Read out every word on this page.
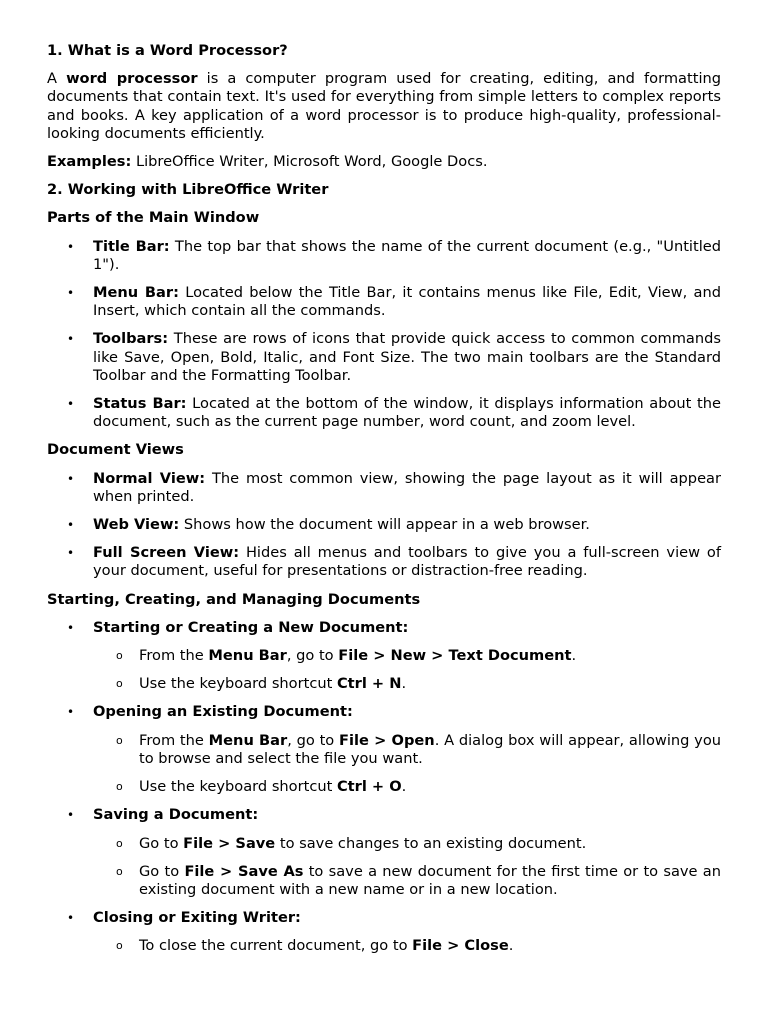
1. What is a Word Processor?

A word processor is a computer program used for creating, editing, and formatting documents that contain text. It's used for everything from simple letters to complex reports and books. A key application of a word processor is to produce high-quality, professional-looking documents efficiently.

Examples: LibreOffice Writer, Microsoft Word, Google Docs.

2. Working with LibreOffice Writer
Parts of the Main Window
• Title Bar: The top bar that shows the name of the current document (e.g., "Untitled 1").
• Menu Bar: Located below the Title Bar, it contains menus like File, Edit, View, and Insert, which contain all the commands.
• Toolbars: These are rows of icons that provide quick access to common commands like Save, Open, Bold, Italic, and Font Size. The two main toolbars are the Standard Toolbar and the Formatting Toolbar.
• Status Bar: Located at the bottom of the window, it displays information about the document, such as the current page number, word count, and zoom level.
Document Views
• Normal View: The most common view, showing the page layout as it will appear when printed.
• Web View: Shows how the document will appear in a web browser.
• Full Screen View: Hides all menus and toolbars to give you a full-screen view of your document, useful for presentations or distraction-free reading.
Starting, Creating, and Managing Documents
• Starting or Creating a New Document:
o From the Menu Bar, go to File > New > Text Document.
o Use the keyboard shortcut Ctrl + N.
• Opening an Existing Document:
o From the Menu Bar, go to File > Open. A dialog box will appear, allowing you to browse and select the file you want.
o Use the keyboard shortcut Ctrl + O.
• Saving a Document:
o Go to File > Save to save changes to an existing document.
o Go to File > Save As to save a new document for the first time or to save an existing document with a new name or in a new location.
• Closing or Exiting Writer:
o To close the current document, go to File > Close.
